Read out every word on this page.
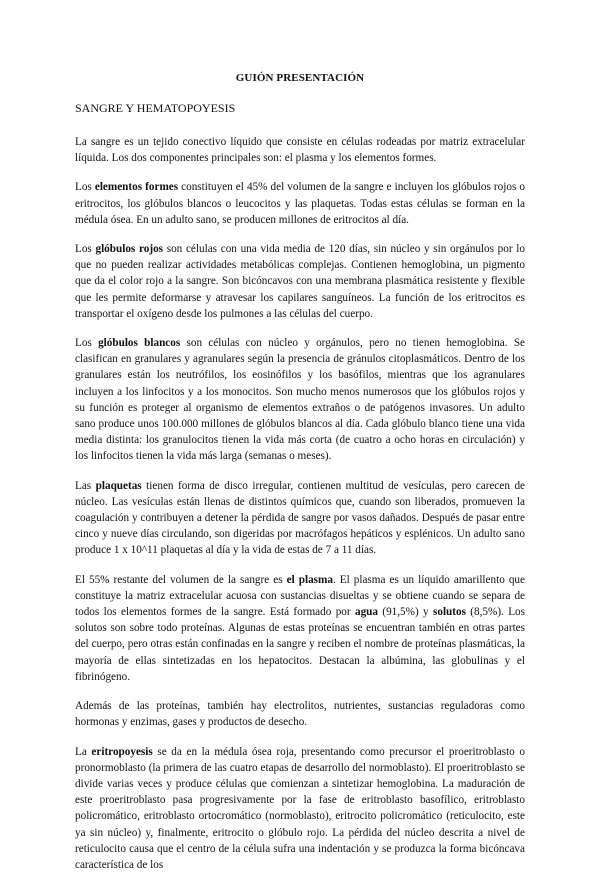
GUIÓN PRESENTACIÓN
SANGRE Y HEMATOPOYESIS

La sangre es un tejido conectivo líquido que consiste en células rodeadas por matriz extracelular líquida. Los dos componentes principales son: el plasma y los elementos formes.

Los elementos formes constituyen el 45% del volumen de la sangre e incluyen los glóbulos rojos o eritrocitos, los glóbulos blancos o leucocitos y las plaquetas. Todas estas células se forman en la médula ósea. En un adulto sano, se producen millones de eritrocitos al día.

Los glóbulos rojos son células con una vida media de 120 días, sin núcleo y sin orgánulos por lo que no pueden realizar actividades metabólicas complejas. Contienen hemoglobina, un pigmento que da el color rojo a la sangre. Son bicóncavos con una membrana plasmática resistente y flexible que les permite deformarse y atravesar los capilares sanguíneos. La función de los eritrocitos es transportar el oxígeno desde los pulmones a las células del cuerpo.

Los glóbulos blancos son células con núcleo y orgánulos, pero no tienen hemoglobina. Se clasifican en granulares y agranulares según la presencia de gránulos citoplasmáticos. Dentro de los granulares están los neutrófilos, los eosinófilos y los basófilos, mientras que los agranulares incluyen a los linfocitos y a los monocitos. Son mucho menos numerosos que los glóbulos rojos y su función es proteger al organismo de elementos extraños o de patógenos invasores. Un adulto sano produce unos 100.000 millones de glóbulos blancos al día. Cada glóbulo blanco tiene una vida media distinta: los granulocitos tienen la vida más corta (de cuatro a ocho horas en circulación) y los linfocitos tienen la vida más larga (semanas o meses).

Las plaquetas tienen forma de disco irregular, contienen multitud de vesículas, pero carecen de núcleo. Las vesículas están llenas de distintos químicos que, cuando son liberados, promueven la coagulación y contribuyen a detener la pérdida de sangre por vasos dañados. Después de pasar entre cinco y nueve días circulando, son digeridas por macrófagos hepáticos y esplénicos. Un adulto sano produce 1 x 10^11 plaquetas al día y la vida de estas de 7 a 11 días.

El 55% restante del volumen de la sangre es el plasma. El plasma es un líquido amarillento que constituye la matriz extracelular acuosa con sustancias disueltas y se obtiene cuando se separa de todos los elementos formes de la sangre. Está formado por agua (91,5%) y solutos (8,5%). Los solutos son sobre todo proteínas. Algunas de estas proteínas se encuentran también en otras partes del cuerpo, pero otras están confinadas en la sangre y reciben el nombre de proteínas plasmáticas, la mayoría de ellas sintetizadas en los hepatocitos. Destacan la albúmina, las globulinas y el fibrinógeno.

Además de las proteínas, también hay electrolitos, nutrientes, sustancias reguladoras como hormonas y enzimas, gases y productos de desecho.

La eritropoyesis se da en la médula ósea roja, presentando como precursor el proeritroblasto o pronormoblasto (la primera de las cuatro etapas de desarrollo del normoblasto). El proeritroblasto se divide varias veces y produce células que comienzan a sintetizar hemoglobina. La maduración de este proeritroblasto pasa progresivamente por la fase de eritroblasto basofílico, eritroblasto policromático, eritroblasto ortocromático (normoblasto), eritrocito policromático (reticulocito, este ya sin núcleo) y, finalmente, eritrocito o glóbulo rojo. La pérdida del núcleo descrita a nivel de reticulocito causa que el centro de la célula sufra una indentación y se produzca la forma bicóncava característica de los
